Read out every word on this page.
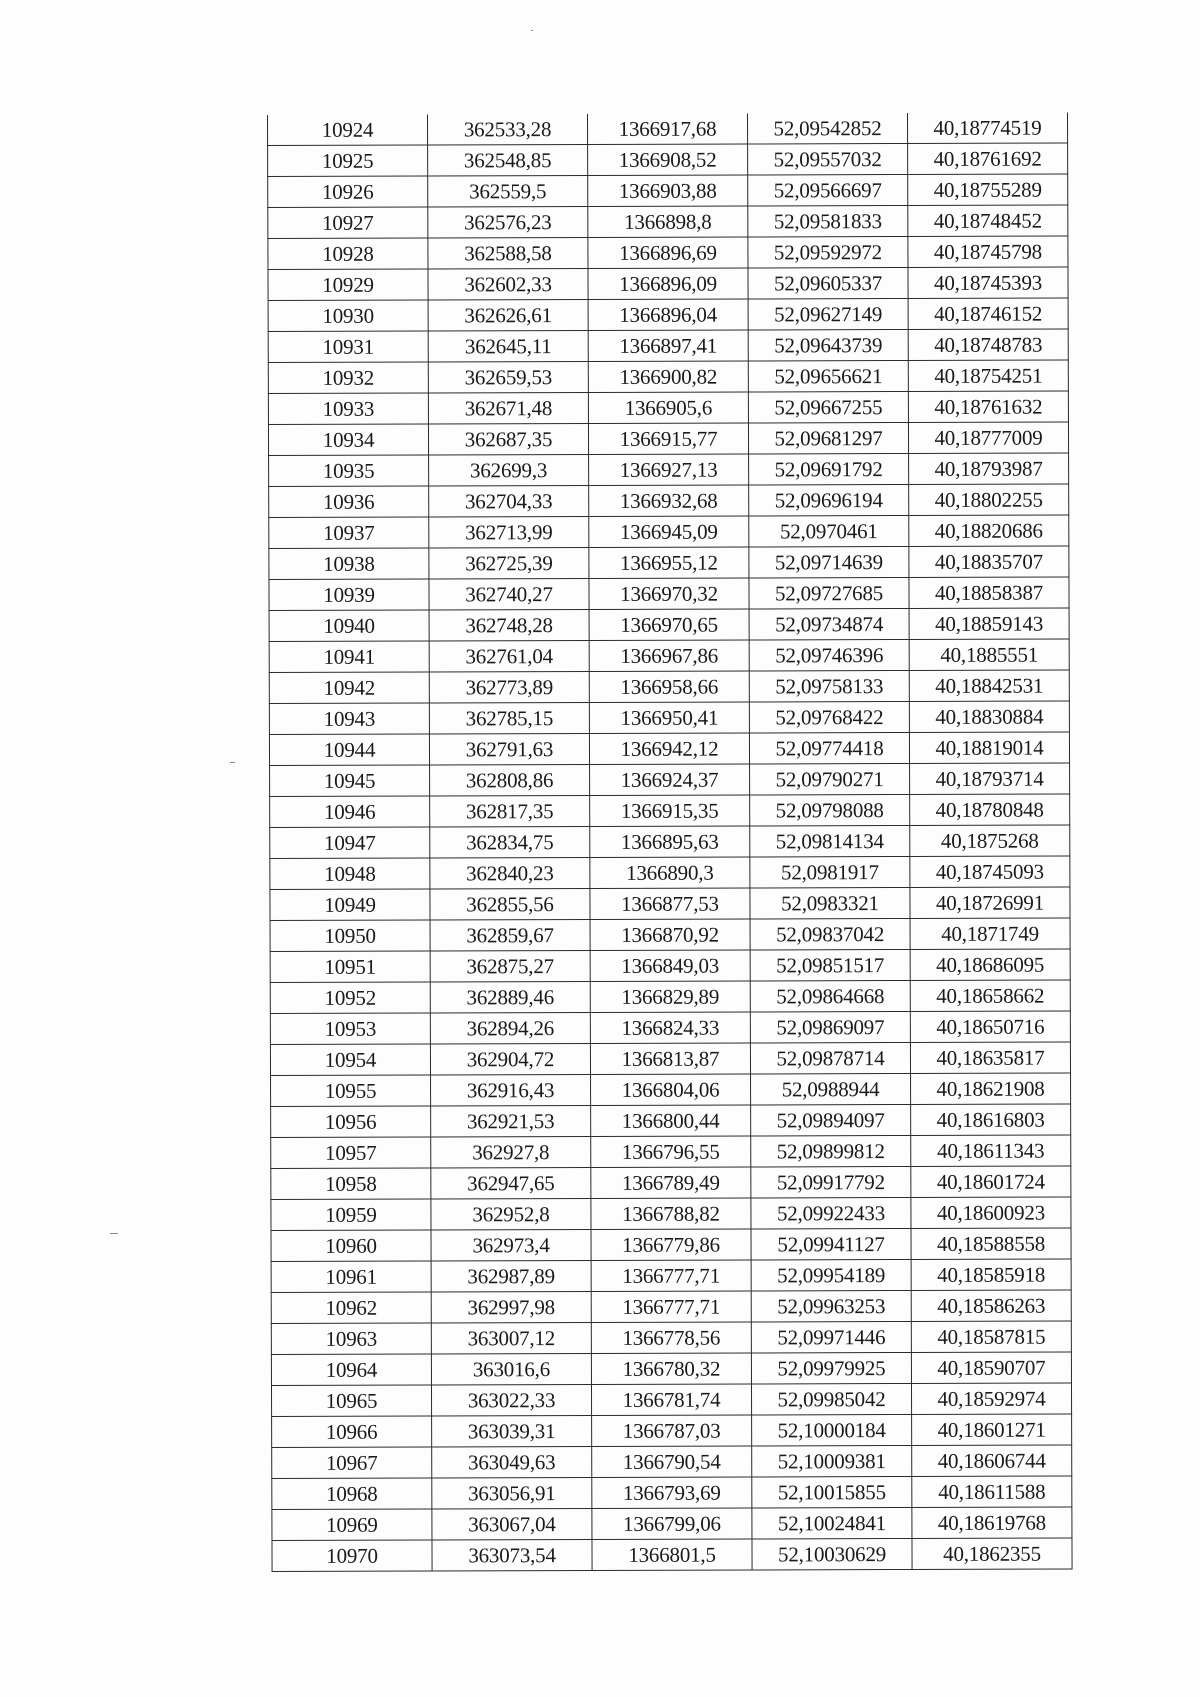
10924	362533,28	1366917,68	52,09542852	40,18774519
10925	362548,85	1366908,52	52,09557032	40,18761692
10926	362559,5	1366903,88	52,09566697	40,18755289
10927	362576,23	1366898,8	52,09581833	40,18748452
10928	362588,58	1366896,69	52,09592972	40,18745798
10929	362602,33	1366896,09	52,09605337	40,18745393
10930	362626,61	1366896,04	52,09627149	40,18746152
10931	362645,11	1366897,41	52,09643739	40,18748783
10932	362659,53	1366900,82	52,09656621	40,18754251
10933	362671,48	1366905,6	52,09667255	40,18761632
10934	362687,35	1366915,77	52,09681297	40,18777009
10935	362699,3	1366927,13	52,09691792	40,18793987
10936	362704,33	1366932,68	52,09696194	40,18802255
10937	362713,99	1366945,09	52,0970461	40,18820686
10938	362725,39	1366955,12	52,09714639	40,18835707
10939	362740,27	1366970,32	52,09727685	40,18858387
10940	362748,28	1366970,65	52,09734874	40,18859143
10941	362761,04	1366967,86	52,09746396	40,1885551
10942	362773,89	1366958,66	52,09758133	40,18842531
10943	362785,15	1366950,41	52,09768422	40,18830884
10944	362791,63	1366942,12	52,09774418	40,18819014
10945	362808,86	1366924,37	52,09790271	40,18793714
10946	362817,35	1366915,35	52,09798088	40,18780848
10947	362834,75	1366895,63	52,09814134	40,1875268
10948	362840,23	1366890,3	52,0981917	40,18745093
10949	362855,56	1366877,53	52,0983321	40,18726991
10950	362859,67	1366870,92	52,09837042	40,1871749
10951	362875,27	1366849,03	52,09851517	40,18686095
10952	362889,46	1366829,89	52,09864668	40,18658662
10953	362894,26	1366824,33	52,09869097	40,18650716
10954	362904,72	1366813,87	52,09878714	40,18635817
10955	362916,43	1366804,06	52,0988944	40,18621908
10956	362921,53	1366800,44	52,09894097	40,18616803
10957	362927,8	1366796,55	52,09899812	40,18611343
10958	362947,65	1366789,49	52,09917792	40,18601724
10959	362952,8	1366788,82	52,09922433	40,18600923
10960	362973,4	1366779,86	52,09941127	40,18588558
10961	362987,89	1366777,71	52,09954189	40,18585918
10962	362997,98	1366777,71	52,09963253	40,18586263
10963	363007,12	1366778,56	52,09971446	40,18587815
10964	363016,6	1366780,32	52,09979925	40,18590707
10965	363022,33	1366781,74	52,09985042	40,18592974
10966	363039,31	1366787,03	52,10000184	40,18601271
10967	363049,63	1366790,54	52,10009381	40,18606744
10968	363056,91	1366793,69	52,10015855	40,18611588
10969	363067,04	1366799,06	52,10024841	40,18619768
10970	363073,54	1366801,5	52,10030629	40,1862355
